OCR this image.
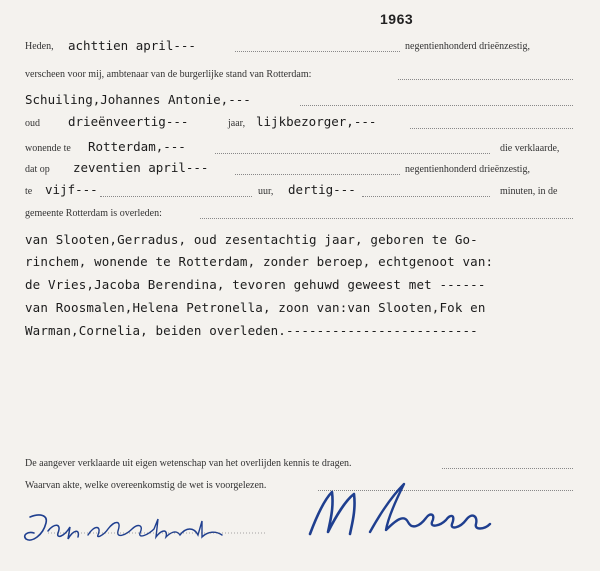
1963
Heden, achttien april---	negentienhonderd drieënzestig,
verscheen voor mij, ambtenaar van de burgerlijke stand van Rotterdam:
Schuiling,Johannes Antonie,---
oud drieënveertig---	jaar, lijkbezorger,---
wonende te Rotterdam,---	die verklaarde,
dat op zeventien april---	negentienhonderd drieënzestig,
te vijf---	uur, dertig---	minuten, in de
gemeente Rotterdam is overleden:
van Slooten,Gerradus, oud zesentachtig jaar, geboren te Go-
rinchem, wonende te Rotterdam, zonder beroep, echtgenoot van:
de Vries,Jacoba Berendina, tevoren gehuwd geweest met ------
van Roosmalen,Helena Petronella, zoon van:van Slooten,Fok en
Warman,Cornelia, beiden overleden.-------------------------
De aangever verklaarde uit eigen wetenschap van het overlijden kennis te dragen.
Waarvan akte, welke overeenkomstig de wet is voorgelezen.
